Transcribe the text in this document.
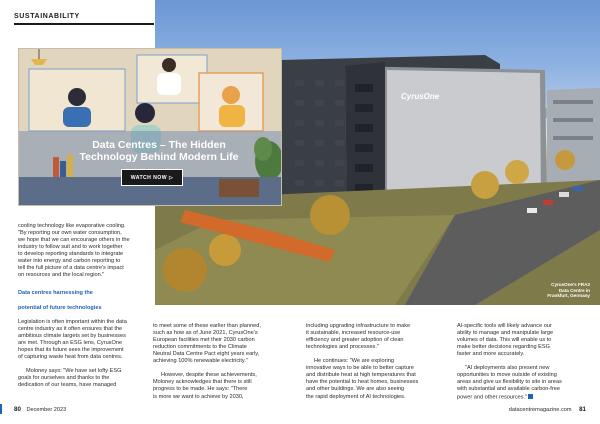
SUSTAINABILITY
CyrusOne
CyrusOne's FRA2
Data Centre in
Frankfurt, Germany
Data Centres – The Hidden
Technology Behind Modern Life
WATCH NOW ▷

cooling technology like evaporative cooling.
"By reporting our own water consumption,
we hope that we can encourage others in the
industry to follow suit and to work together
to develop reporting standards to integrate
water into energy and carbon reporting to
tell the full picture of a data centre's impact
on resources and the local region."

Data centres harnessing the

potential of future technologies

Legislation is often important within the data
centre industry as it often ensures that the
ambitious climate targets set by businesses
are met. Through an ESG lens, CyrusOne
hopes that its future sees the improvement
of capturing waste heat from data centres.

Moloney says: "We have set lofty ESG
goals for ourselves and thanks to the
dedication of our teams, have managed

to meet some of these earlier than planned,
such as how as of June 2021, CyrusOne's
European facilities met their 2030 carbon
reduction commitments to the Climate
Neutral Data Centre Pact eight years early,
achieving 100% renewable electricity."

However, despite these achievements,
Moloney acknowledges that there is still
progress to be made. He says: "There
is more we want to achieve by 2030,

including upgrading infrastructure to make
it sustainable, increased resource-use
efficiency and greater adoption of clean
technologies and processes."

He continues: "We are exploring
innovative ways to be able to better capture
and distribute heat at high temperatures that
have the potential to heat homes, businesses
and other buildings. We are also seeing
the rapid deployment of AI technologies.

AI-specific tools will likely advance our
ability to manage and manipulate large
volumes of data. This will enable us to
make better decisions regarding ESG
faster and more accurately.

"AI deployments also present new
opportunities to move outside of existing
areas and give us flexibility to site in areas
with substantial and available carbon-free
power and other resources."

80 December 2023	datacentremagazine.com 81
